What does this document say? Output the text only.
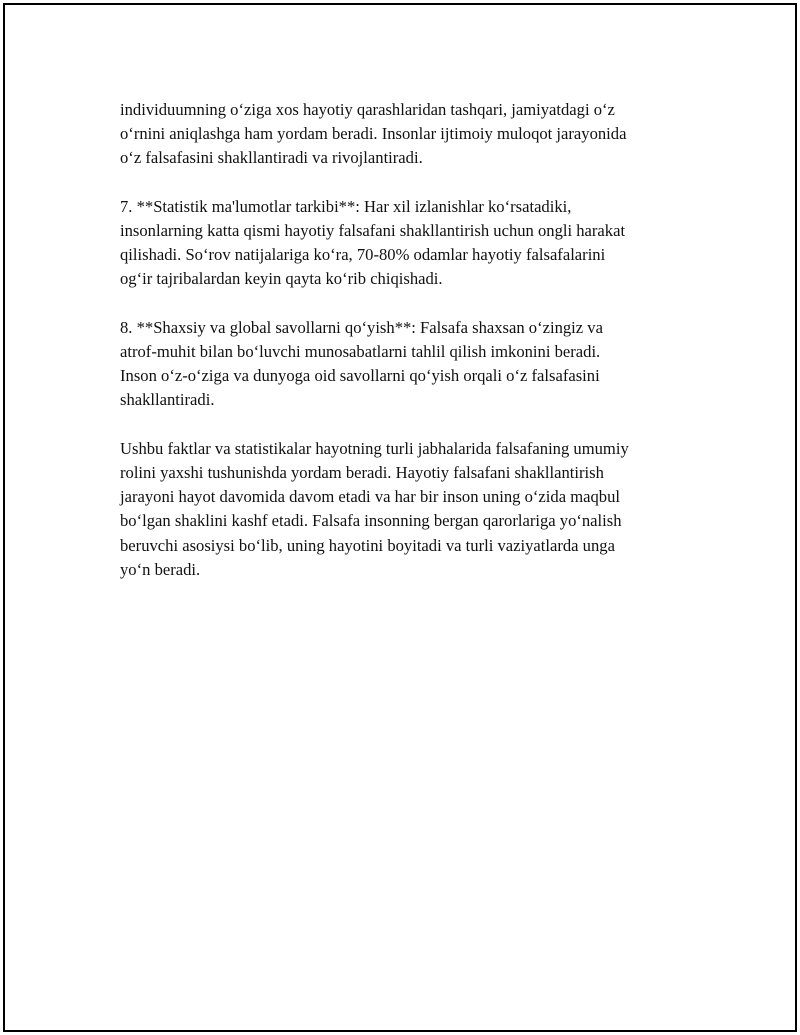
individuumning o‘ziga xos hayotiy qarashlaridan tashqari, jamiyatdagi o‘z
o‘rnini aniqlashga ham yordam beradi. Insonlar ijtimoiy muloqot jarayonida
o‘z falsafasini shakllantiradi va rivojlantiradi.

7. **Statistik ma'lumotlar tarkibi**: Har xil izlanishlar ko‘rsatadiki,
insonlarning katta qismi hayotiy falsafani shakllantirish uchun ongli harakat
qilishadi. So‘rov natijalariga ko‘ra, 70-80% odamlar hayotiy falsafalarini
og‘ir tajribalardan keyin qayta ko‘rib chiqishadi.

8. **Shaxsiy va global savollarni qo‘yish**: Falsafa shaxsan o‘zingiz va
atrof-muhit bilan bo‘luvchi munosabatlarni tahlil qilish imkonini beradi.
Inson o‘z-o‘ziga va dunyoga oid savollarni qo‘yish orqali o‘z falsafasini
shakllantiradi.

Ushbu faktlar va statistikalar hayotning turli jabhalarida falsafaning umumiy
rolini yaxshi tushunishda yordam beradi. Hayotiy falsafani shakllantirish
jarayoni hayot davomida davom etadi va har bir inson uning o‘zida maqbul
bo‘lgan shaklini kashf etadi. Falsafa insonning bergan qarorlariga yo‘nalish
beruvchi asosiysi bo‘lib, uning hayotini boyitadi va turli vaziyatlarda unga
yo‘n beradi.
